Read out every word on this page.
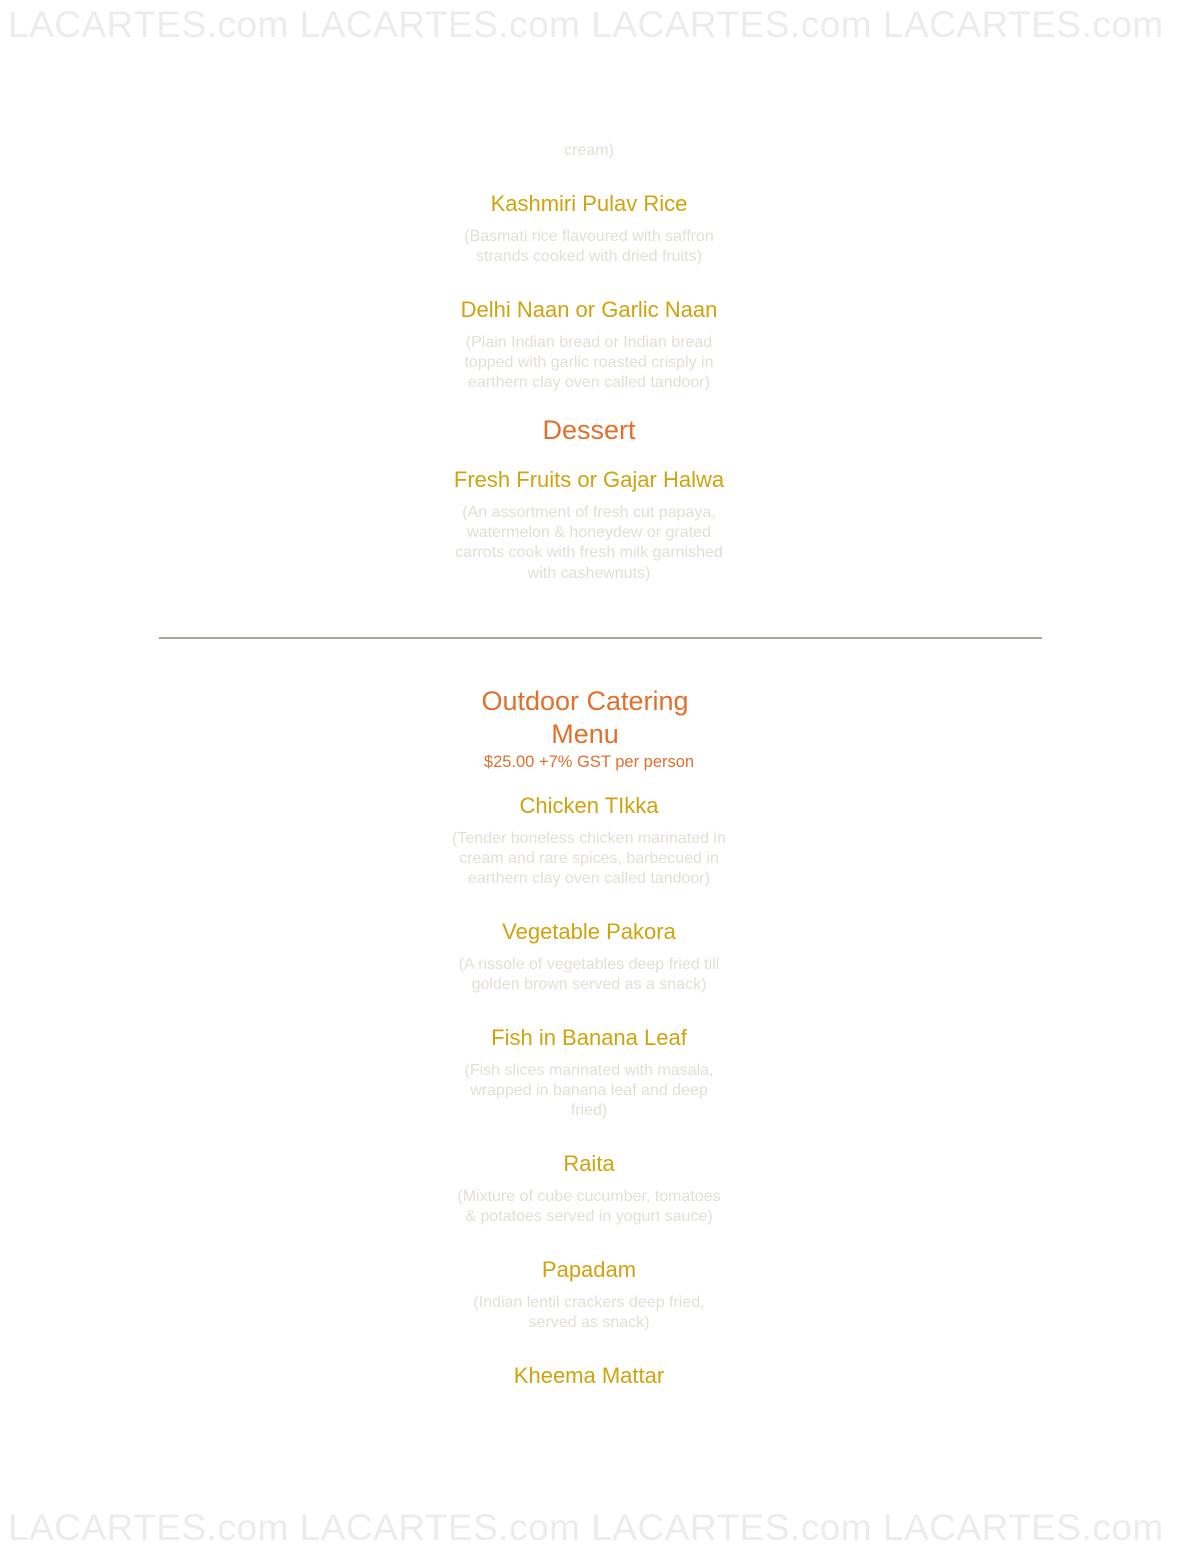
LACARTES.com LACARTES.com LACARTES.com LACARTES.com
cream)
Kashmiri Pulav Rice
(Basmati rice flavoured with saffron
strands cooked with dried fruits)
Delhi Naan or Garlic Naan
(Plain Indian bread or Indian bread
topped with garlic roasted crisply in
earthern clay oven called tandoor)
Dessert
Fresh Fruits or Gajar Halwa
(An assortment of fresh cut papaya,
watermelon & honeydew or grated
carrots cook with fresh milk garnished
with cashewnuts)
Outdoor Catering
Menu
$25.00 +7% GST per person
Chicken TIkka
(Tender boneless chicken marinated in
cream and rare spices, barbecued in
earthern clay oven called tandoor)
Vegetable Pakora
(A rissole of vegetables deep fried till
golden brown served as a snack)
Fish in Banana Leaf
(Fish slices marinated with masala,
wrapped in banana leaf and deep
fried)
Raita
(Mixture of cube cucumber, tomatoes
& potatoes served in yogurt sauce)
Papadam
(Indian lentil crackers deep fried,
served as snack)
Kheema Mattar
LACARTES.com LACARTES.com LACARTES.com LACARTES.com
